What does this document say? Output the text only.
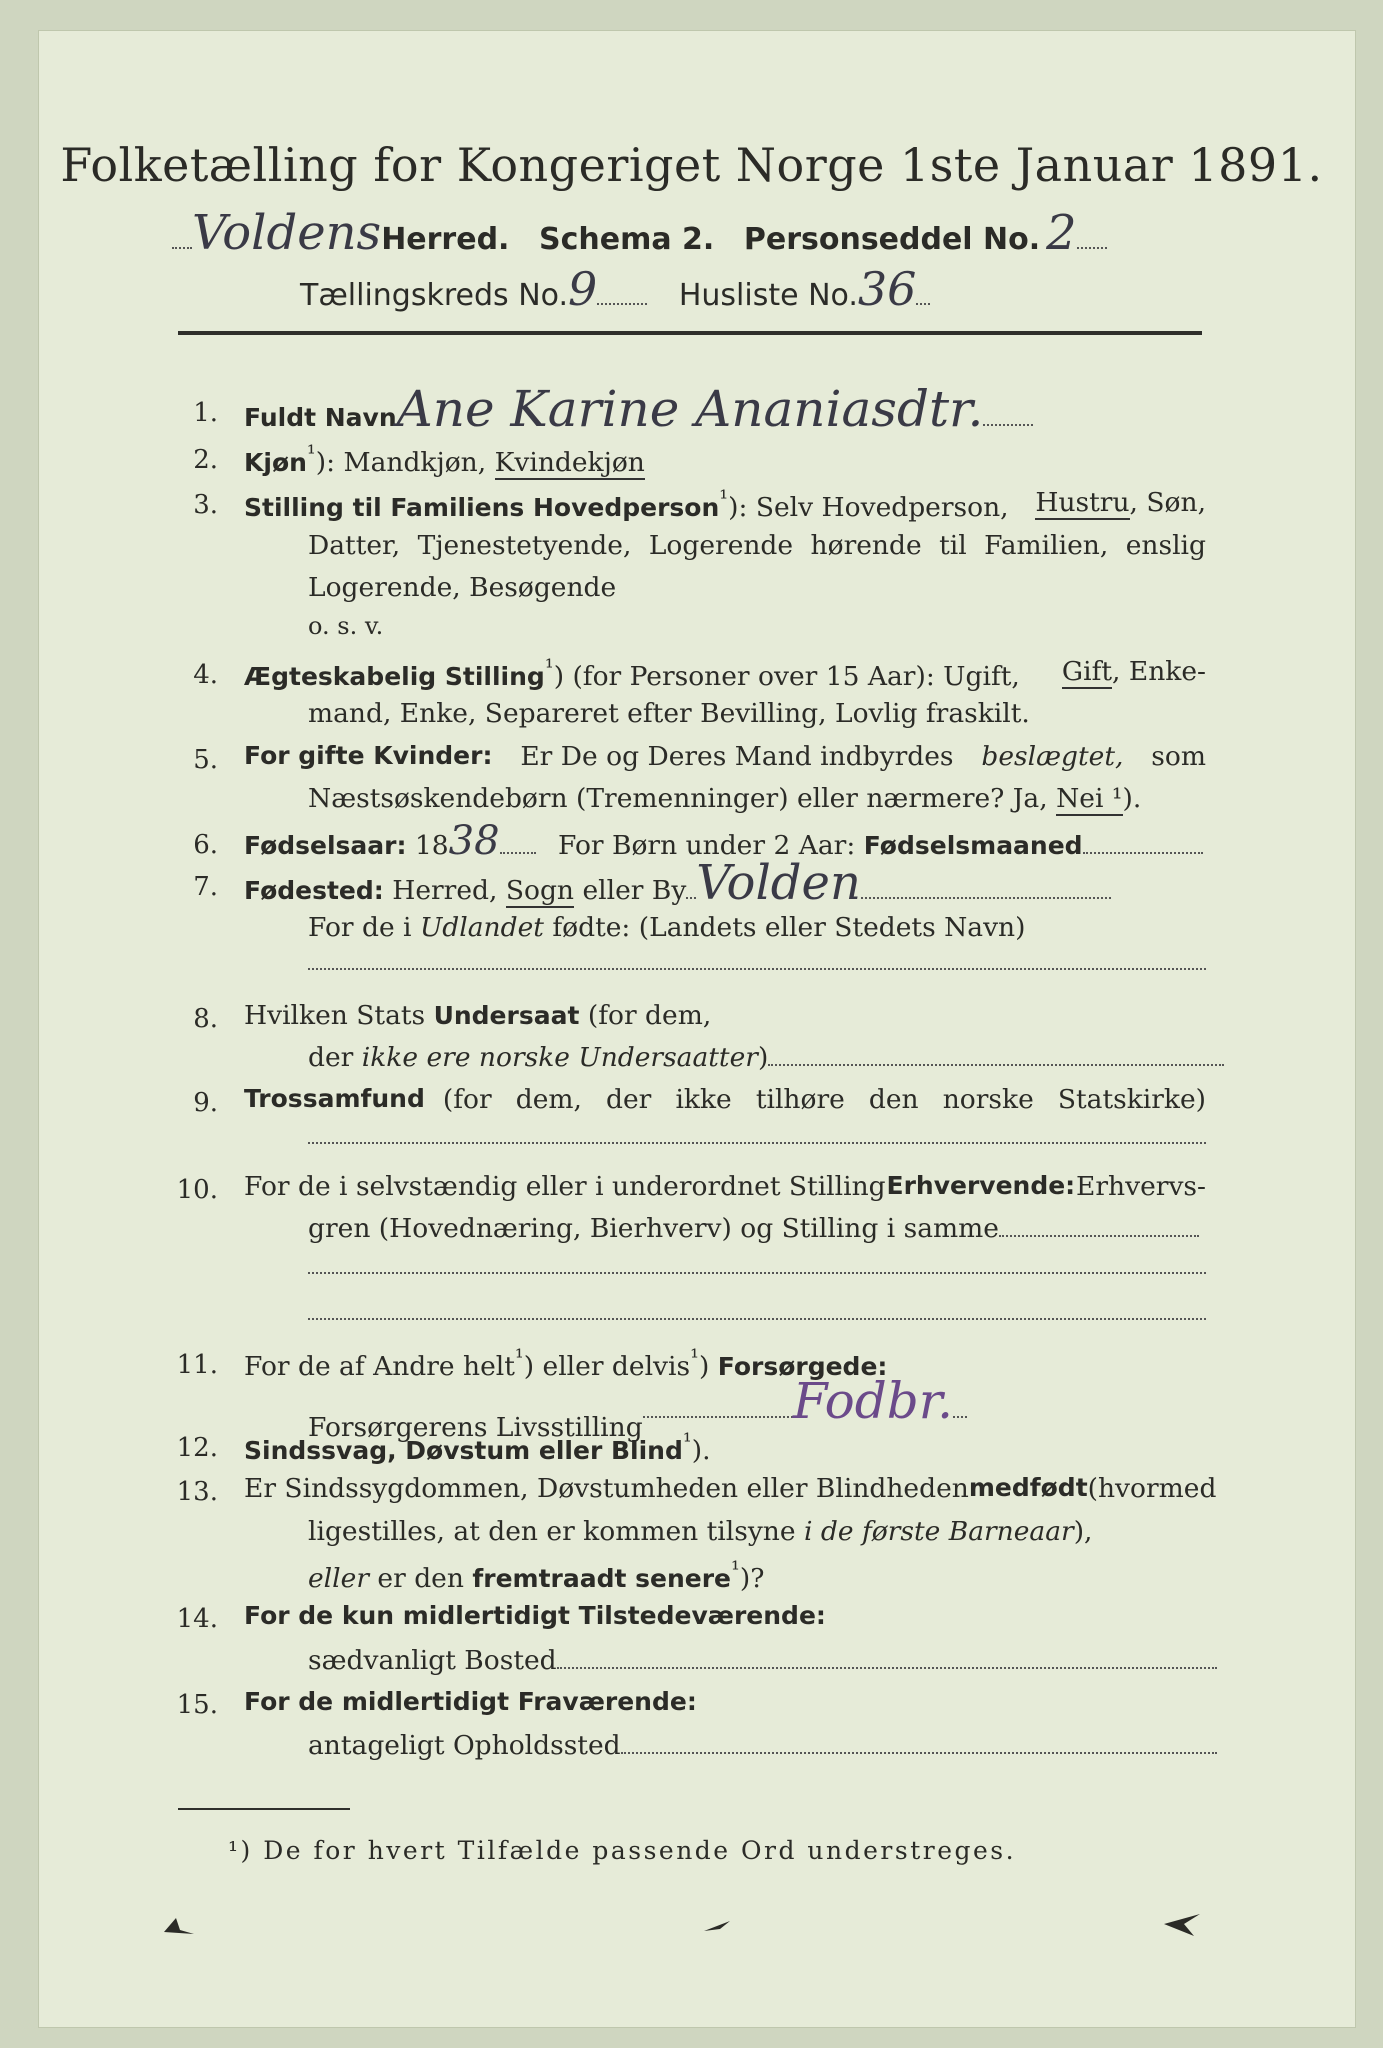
Folketælling for Kongeriget Norge 1ste Januar 1891.
VoldensHerred. Schema 2. Personseddel No. 2
Tællingskreds No.9	Husliste No.36
1. Fuldt NavnAne Karine Ananiasdtr.
2. Kjøn$^{^1}$): Mandkjøn, Kvindekjøn
3. Stilling til Familiens Hovedperson$^{^1}$): Selv Hovedperson, Hustru, Søn,
Datter, Tjenestetyende, Logerende hørende til Familien, enslig
Logerende, Besøgende
o. s. v.
4. Ægteskabelig Stilling$^{^1}$) (for Personer over 15 Aar): Ugift, Gift, Enke-
mand, Enke, Separeret efter Bevilling, Lovlig fraskilt.
5. For gifte Kvinder: Er De og Deres Mand indbyrdes beslægtet, som
Næstsøskendebørn (Tremenninger) eller nærmere? Ja, Nei ¹).
6. Fødselsaar: 1838 For Børn under 2 Aar: Fødselsmaaned
7. Fødested: Herred, Sogn eller By Volden
For de i Udlandet fødte: (Landets eller Stedets Navn)
8. Hvilken Stats Undersaat (for dem,
der ikke ere norske Undersaatter)
9. Trossamfund (for dem, der ikke tilhøre den norske Statskirke)
10. For de i selvstændig eller i underordnet Stilling Erhvervende: Erhvervs-
gren (Hovednæring, Bierhverv) og Stilling i samme
11. For de af Andre helt$^{^1}$) eller delvis$^{^1}$) Forsørgede:
Forsørgerens Livsstilling	Fodbr.
12. Sindssvag, Døvstum eller Blind$^{^1}$).
13. Er Sindssygdommen, Døvstumheden eller Blindheden medfødt (hvormed
ligestilles, at den er kommen tilsyne i de første Barneaar),
eller er den fremtraadt senere$^{^1}$)?
14. For de kun midlertidigt Tilstedeværende:
sædvanligt Bosted
15. For de midlertidigt Fraværende:
antageligt Opholdssted
¹) De for hvert Tilfælde passende Ord understreges.
